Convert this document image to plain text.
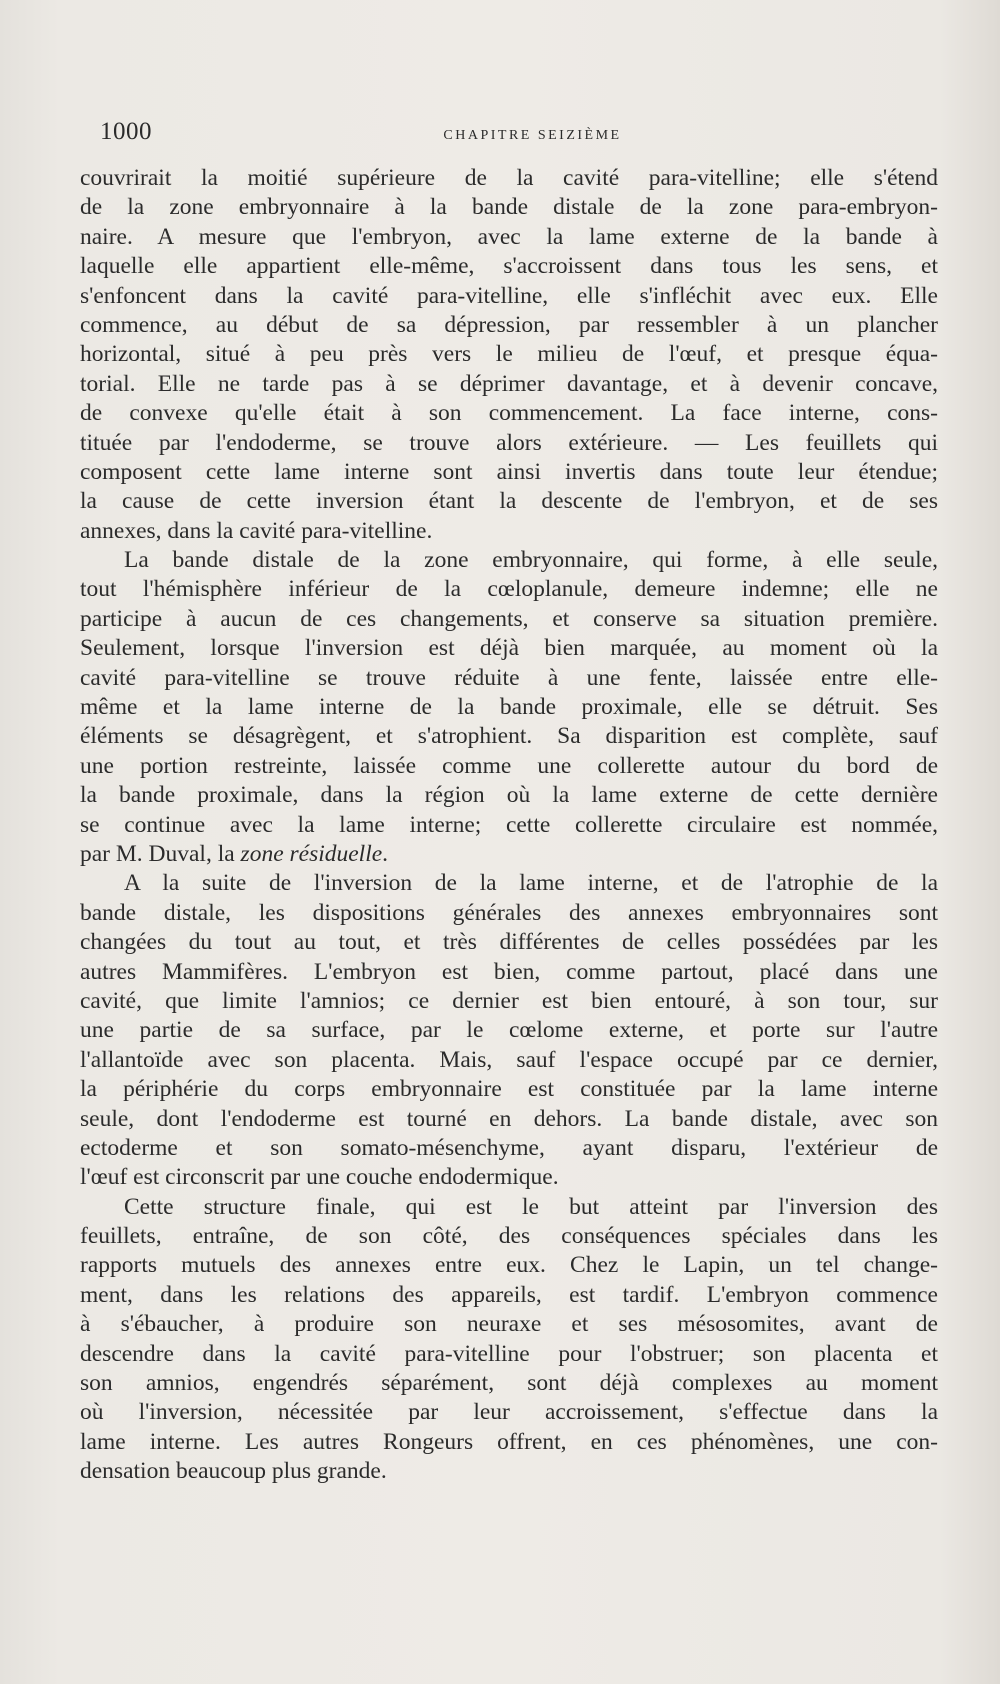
1000	CHAPITRE SEIZIÈME
couvrirait la moitié supérieure de la cavité para-vitelline; elle s'étend
de la zone embryonnaire à la bande distale de la zone para-embryon-
naire. A mesure que l'embryon, avec la lame externe de la bande à
laquelle elle appartient elle-même, s'accroissent dans tous les sens, et
s'enfoncent dans la cavité para-vitelline, elle s'infléchit avec eux. Elle
commence, au début de sa dépression, par ressembler à un plancher
horizontal, situé à peu près vers le milieu de l'œuf, et presque équa-
torial. Elle ne tarde pas à se déprimer davantage, et à devenir concave,
de convexe qu'elle était à son commencement. La face interne, cons-
tituée par l'endoderme, se trouve alors extérieure. — Les feuillets qui
composent cette lame interne sont ainsi invertis dans toute leur étendue;
la cause de cette inversion étant la descente de l'embryon, et de ses
annexes, dans la cavité para-vitelline.
La bande distale de la zone embryonnaire, qui forme, à elle seule,
tout l'hémisphère inférieur de la cœloplanule, demeure indemne; elle ne
participe à aucun de ces changements, et conserve sa situation première.
Seulement, lorsque l'inversion est déjà bien marquée, au moment où la
cavité para-vitelline se trouve réduite à une fente, laissée entre elle-
même et la lame interne de la bande proximale, elle se détruit. Ses
éléments se désagrègent, et s'atrophient. Sa disparition est complète, sauf
une portion restreinte, laissée comme une collerette autour du bord de
la bande proximale, dans la région où la lame externe de cette dernière
se continue avec la lame interne; cette collerette circulaire est nommée,
par M. Duval, la zone résiduelle.
A la suite de l'inversion de la lame interne, et de l'atrophie de la
bande distale, les dispositions générales des annexes embryonnaires sont
changées du tout au tout, et très différentes de celles possédées par les
autres Mammifères. L'embryon est bien, comme partout, placé dans une
cavité, que limite l'amnios; ce dernier est bien entouré, à son tour, sur
une partie de sa surface, par le cœlome externe, et porte sur l'autre
l'allantoïde avec son placenta. Mais, sauf l'espace occupé par ce dernier,
la périphérie du corps embryonnaire est constituée par la lame interne
seule, dont l'endoderme est tourné en dehors. La bande distale, avec son
ectoderme et son somato-mésenchyme, ayant disparu, l'extérieur de
l'œuf est circonscrit par une couche endodermique.
Cette structure finale, qui est le but atteint par l'inversion des
feuillets, entraîne, de son côté, des conséquences spéciales dans les
rapports mutuels des annexes entre eux. Chez le Lapin, un tel change-
ment, dans les relations des appareils, est tardif. L'embryon commence
à s'ébaucher, à produire son neuraxe et ses mésosomites, avant de
descendre dans la cavité para-vitelline pour l'obstruer; son placenta et
son amnios, engendrés séparément, sont déjà complexes au moment
où l'inversion, nécessitée par leur accroissement, s'effectue dans la
lame interne. Les autres Rongeurs offrent, en ces phénomènes, une con-
densation beaucoup plus grande.
